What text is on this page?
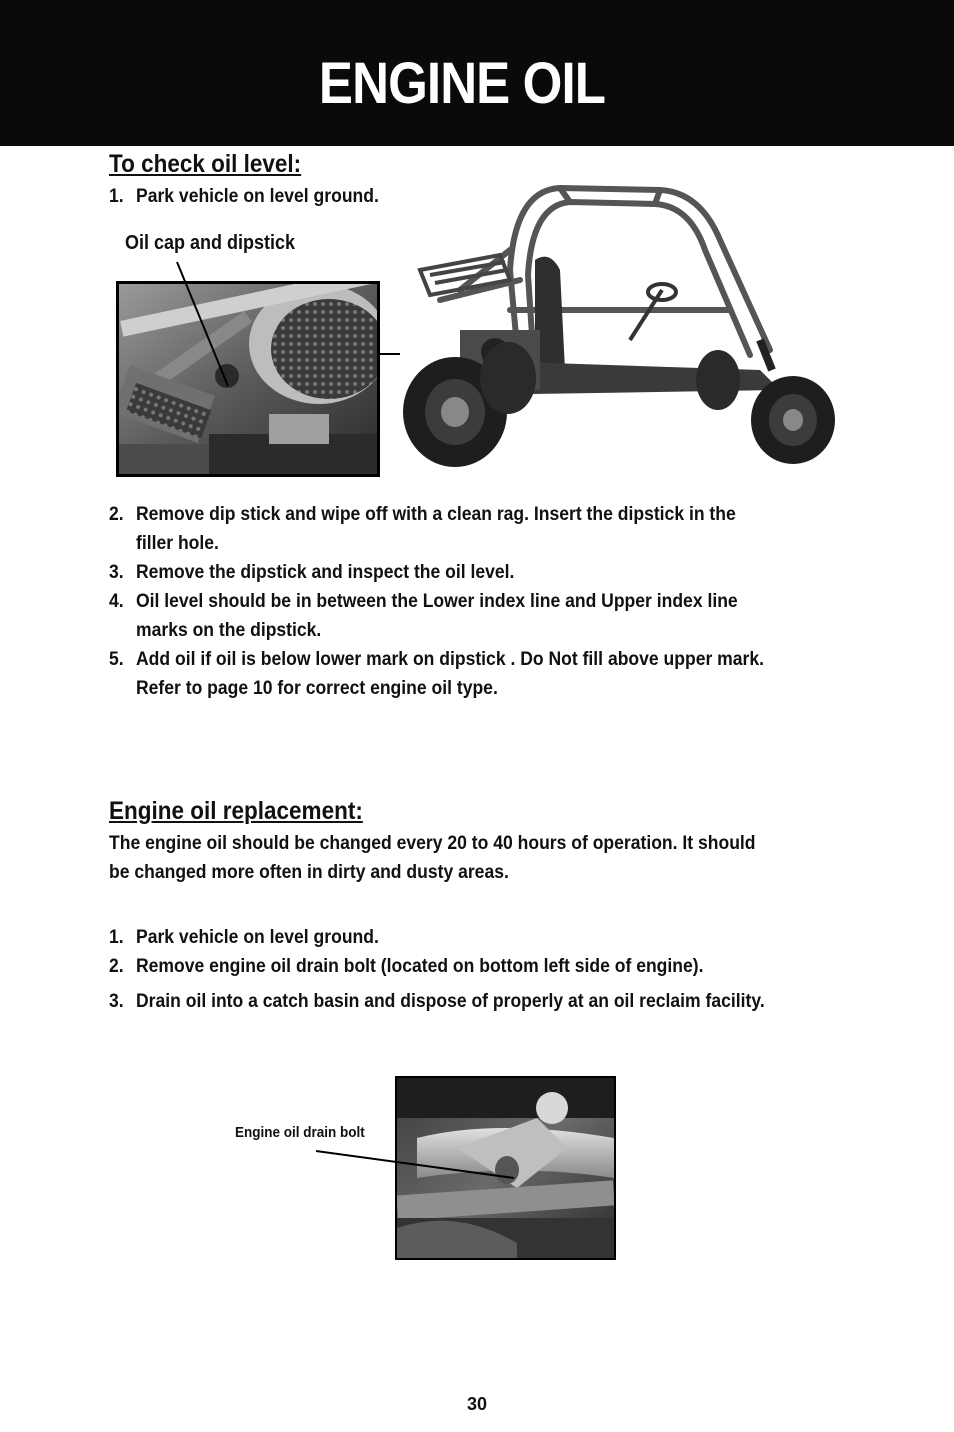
ENGINE OIL
To check oil level:
1. Park vehicle on level ground.
Oil cap and dipstick
2. Remove dip stick and wipe off with a clean rag. Insert the dipstick in the
filler hole.
3. Remove the dipstick and inspect the oil level.
4. Oil level should be in between the Lower index line and Upper index line
marks on the dipstick.
5. Add oil if oil is below lower mark on dipstick . Do Not fill above upper mark.
Refer to page 10 for correct engine oil type.
Engine oil replacement:
The engine oil should be changed every 20 to 40 hours of operation. It should
be changed more often in dirty and dusty areas.
1. Park vehicle on level ground.
2. Remove engine oil drain bolt (located on bottom left side of engine).
3. Drain oil into a catch basin and dispose of properly at an oil reclaim facility.
Engine oil drain bolt
30
